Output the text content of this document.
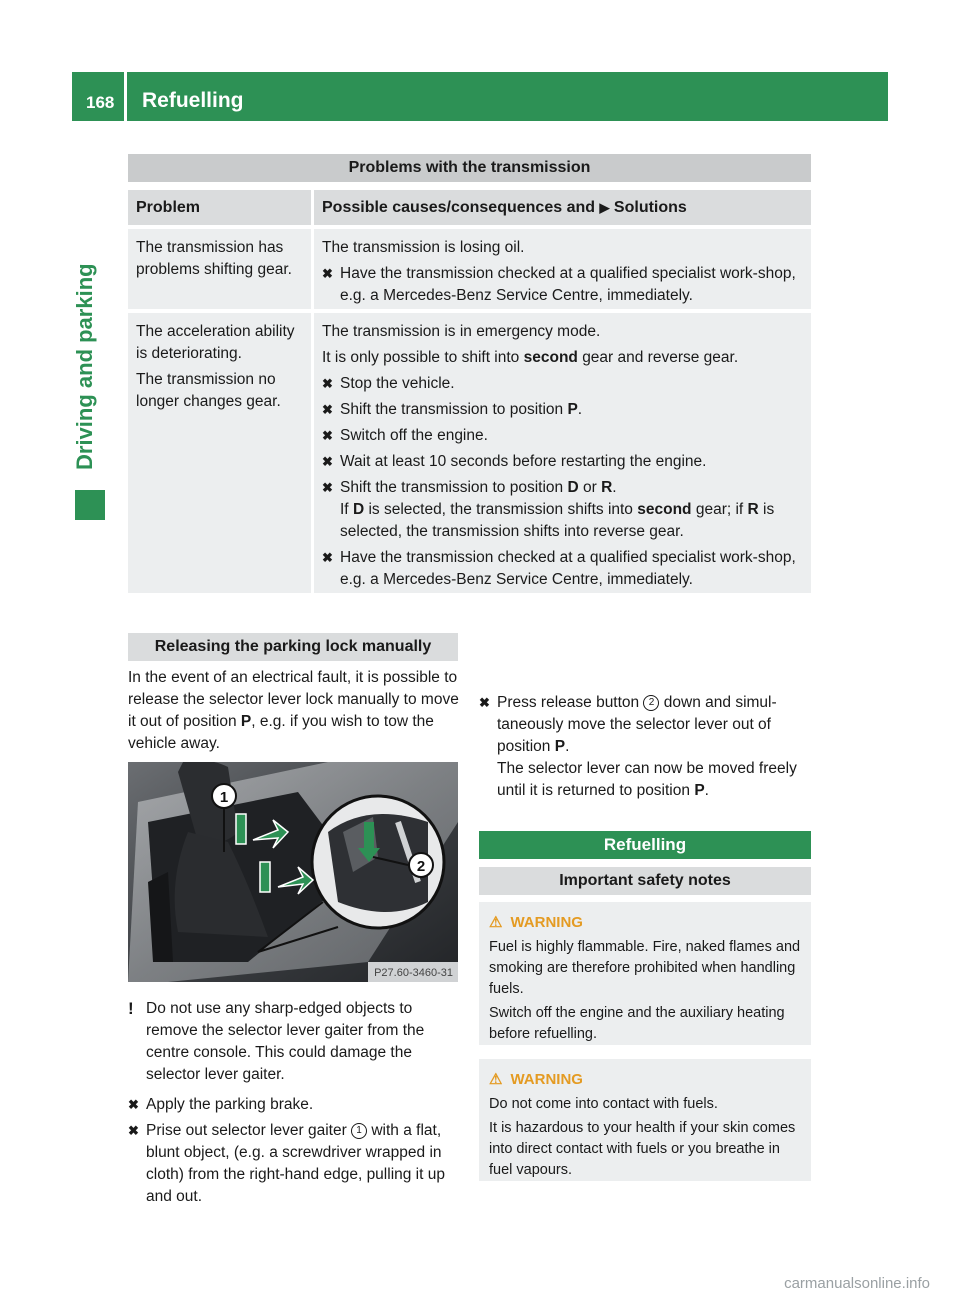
168 Refuelling
Driving and parking
Problems with the transmission
Problem	Possible causes/consequences and ▶ Solutions

The transmission has problems shifting gear.

The transmission is losing oil.

✖ Have the transmission checked at a qualified specialist work-shop, e.g. a Mercedes-Benz Service Centre, immediately.

The acceleration ability is deteriorating.

The transmission no longer changes gear.

The transmission is in emergency mode.

It is only possible to shift into second gear and reverse gear.

✖ Stop the vehicle.
✖ Shift the transmission to position P.
✖ Switch off the engine.
✖ Wait at least 10 seconds before restarting the engine.
✖ Shift the transmission to position D or R.
If D is selected, the transmission shifts into second gear; if R is selected, the transmission shifts into reverse gear.
✖ Have the transmission checked at a qualified specialist work-shop, e.g. a Mercedes-Benz Service Centre, immediately.
Releasing the parking lock manually
In the event of an electrical fault, it is possible to release the selector lever lock manually to move it out of position P, e.g. if you wish to tow the vehicle away.
1
2
P27.60-3460-31
! Do not use any sharp-edged objects to remove the selector lever gaiter from the centre console. This could damage the selector lever gaiter.
✖ Apply the parking brake.
✖ Prise out selector lever gaiter 1 with a flat, blunt object, (e.g. a screwdriver wrapped in cloth) from the right-hand edge, pulling it up and out.
✖ Press release button 2 down and simul-taneously move the selector lever out of position P.
The selector lever can now be moved freely until it is returned to position P.
Refuelling
Important safety notes
⚠ WARNING

Fuel is highly flammable. Fire, naked flames and smoking are therefore prohibited when handling fuels.

Switch off the engine and the auxiliary heating before refuelling.

⚠ WARNING

Do not come into contact with fuels.

It is hazardous to your health if your skin comes into direct contact with fuels or you breathe in fuel vapours.

carmanualsonline.info
